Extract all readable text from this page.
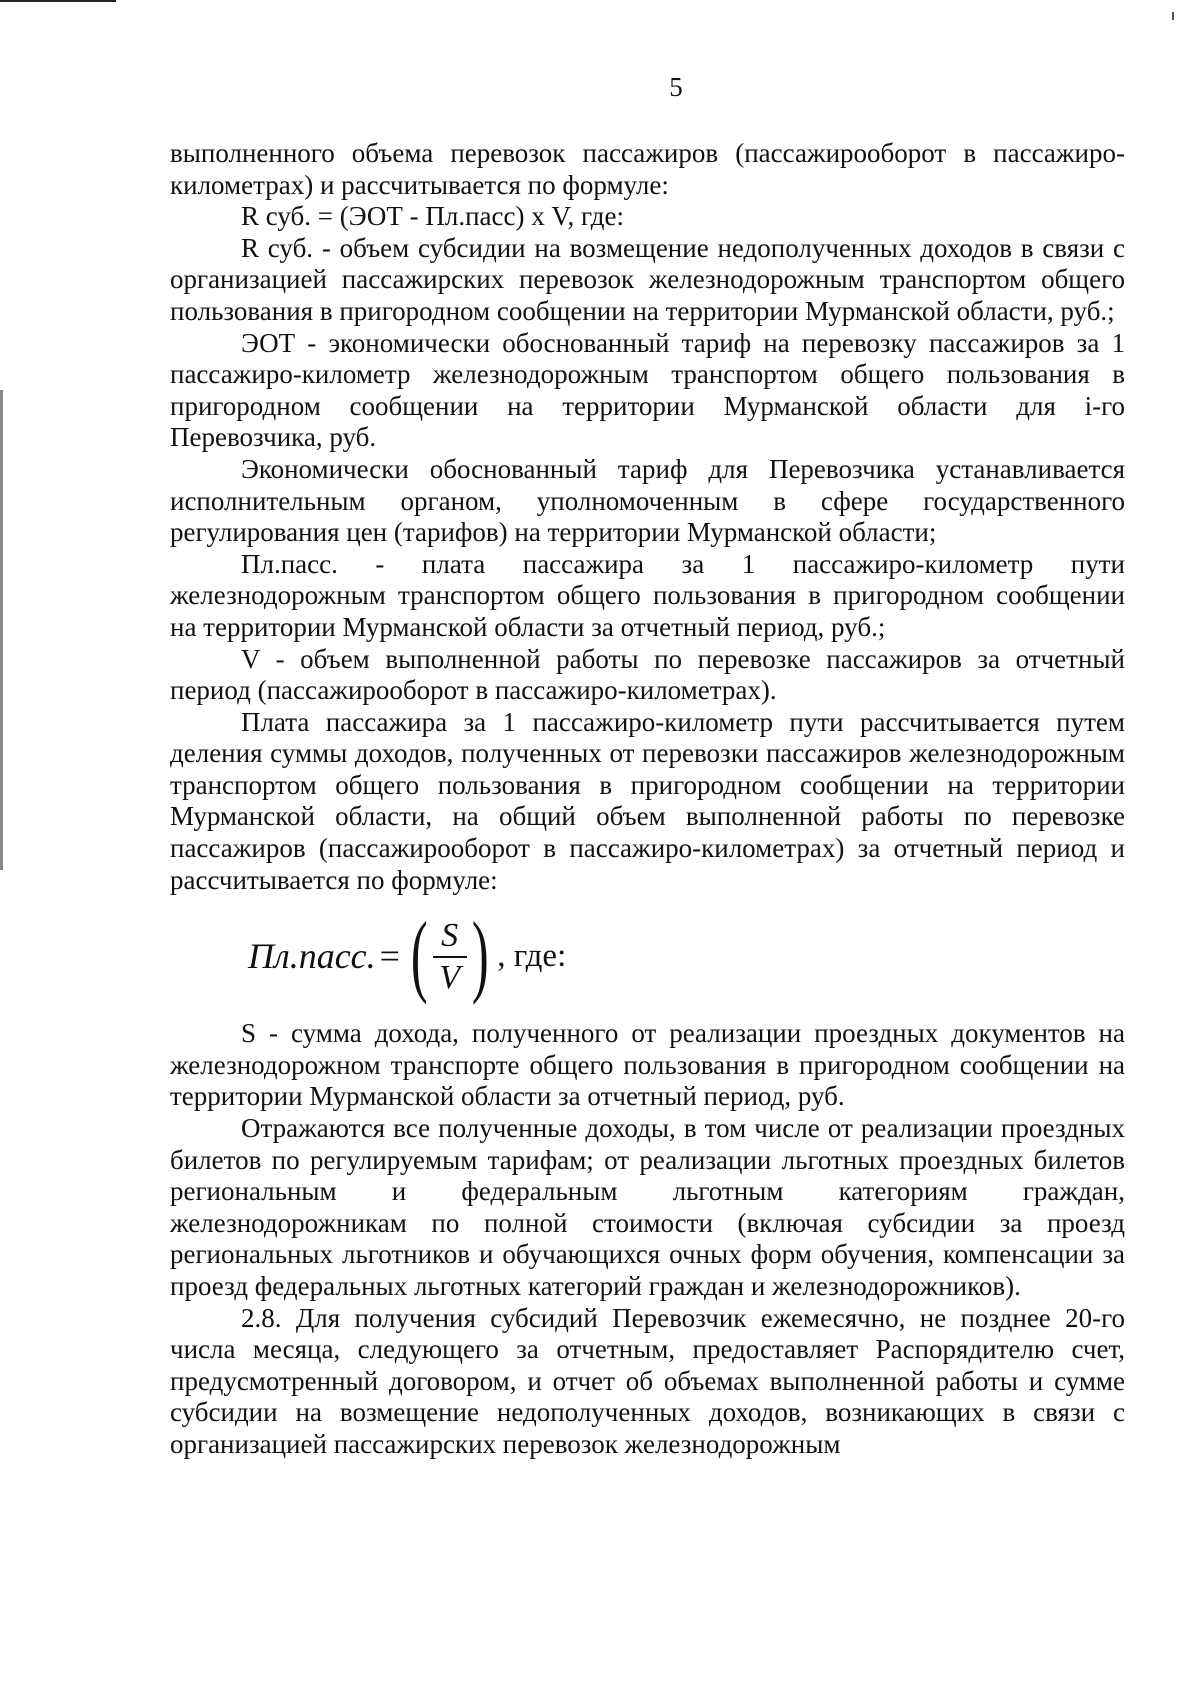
5

выполненного объема перевозок пассажиров (пассажирооборот в пассажиро-километрах) и рассчитывается по формуле:

R суб. = (ЭОТ - Пл.пасс) х V, где:

R суб. - объем субсидии на возмещение недополученных доходов в связи с организацией пассажирских перевозок железнодорожным транспортом общего пользования в пригородном сообщении на территории Мурманской области, руб.;

ЭОТ - экономически обоснованный тариф на перевозку пассажиров за 1 пассажиро-километр железнодорожным транспортом общего пользования в пригородном сообщении на территории Мурманской области для i-го Перевозчика, руб.

Экономически обоснованный тариф для Перевозчика устанавливается исполнительным органом, уполномоченным в сфере государственного регулирования цен (тарифов) на территории Мурманской области;

Пл.пасс. - плата пассажира за 1 пассажиро-километр пути железнодорожным транспортом общего пользования в пригородном сообщении на территории Мурманской области за отчетный период, руб.;

V - объем выполненной работы по перевозке пассажиров за отчетный период (пассажирооборот в пассажиро-километрах).

Плата пассажира за 1 пассажиро-километр пути рассчитывается путем деления суммы доходов, полученных от перевозки пассажиров железнодорожным транспортом общего пользования в пригородном сообщении на территории Мурманской области, на общий объем выполненной работы по перевозке пассажиров (пассажирооборот в пассажиро-километрах) за отчетный период и рассчитывается по формуле:

Пл.пасс. = ( $\frac{S}{V}$ ) , где:

S - сумма дохода, полученного от реализации проездных документов на железнодорожном транспорте общего пользования в пригородном сообщении на территории Мурманской области за отчетный период, руб.

Отражаются все полученные доходы, в том числе от реализации проездных билетов по регулируемым тарифам; от реализации льготных проездных билетов региональным и федеральным льготным категориям граждан, железнодорожникам по полной стоимости (включая субсидии за проезд региональных льготников и обучающихся очных форм обучения, компенсации за проезд федеральных льготных категорий граждан и железнодорожников).

2.8. Для получения субсидий Перевозчик ежемесячно, не позднее 20-го числа месяца, следующего за отчетным, предоставляет Распорядителю счет, предусмотренный договором, и отчет об объемах выполненной работы и сумме субсидии на возмещение недополученных доходов, возникающих в связи с организацией пассажирских перевозок железнодорожным
